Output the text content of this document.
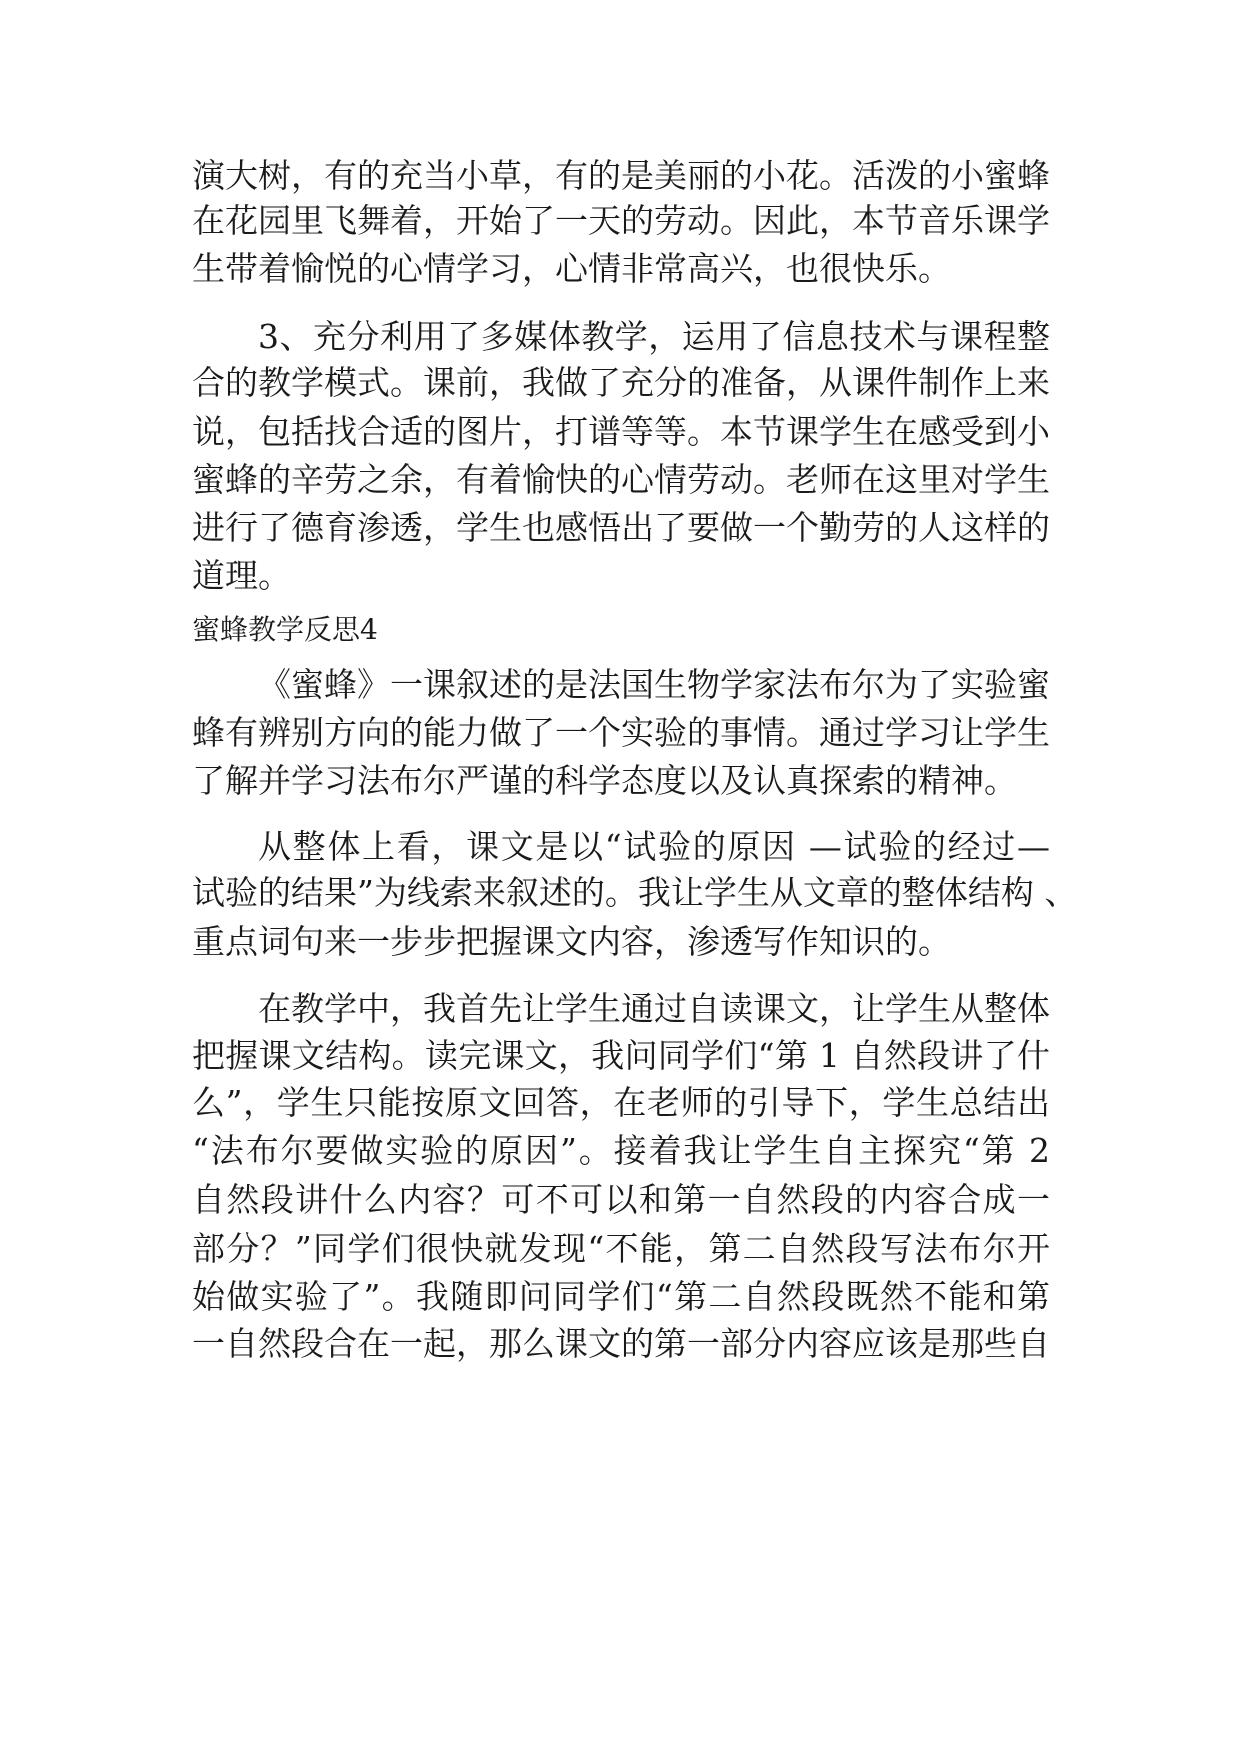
演大树，有的充当小草，有的是美丽的小花。活泼的小蜜蜂
在花园里飞舞着，开始了一天的劳动。因此，本节音乐课学
生带着愉悦的心情学习，心情非常高兴，也很快乐。
3、充分利用了多媒体教学，运用了信息技术与课程整
合的教学模式。课前，我做了充分的准备，从课件制作上来
说，包括找合适的图片，打谱等等。本节课学生在感受到小
蜜蜂的辛劳之余，有着愉快的心情劳动。老师在这里对学生
进行了德育渗透，学生也感悟出了要做一个勤劳的人这样的
道理。
蜜蜂教学反思4
《蜜蜂》一课叙述的是法国生物学家法布尔为了实验蜜
蜂有辨别方向的能力做了一个实验的事情。通过学习让学生
了解并学习法布尔严谨的科学态度以及认真探索的精神。
从整体上看，课文是以“试验的原因 —试验的经过—
试验的结果”为线索来叙述的。我让学生从文章的整体结构 、
重点词句来一步步把握课文内容，渗透写作知识的。
在教学中，我首先让学生通过自读课文，让学生从整体
把握课文结构。读完课文，我问同学们“第 1 自然段讲了什
么”，学生只能按原文回答，在老师的引导下，学生总结出
“法布尔要做实验的原因”。接着我让学生自主探究“第 2
自然段讲什么内容？可不可以和第一自然段的内容合成一
部分？”同学们很快就发现“不能，第二自然段写法布尔开
始做实验了”。我随即问同学们“第二自然段既然不能和第
一自然段合在一起，那么课文的第一部分内容应该是那些自
